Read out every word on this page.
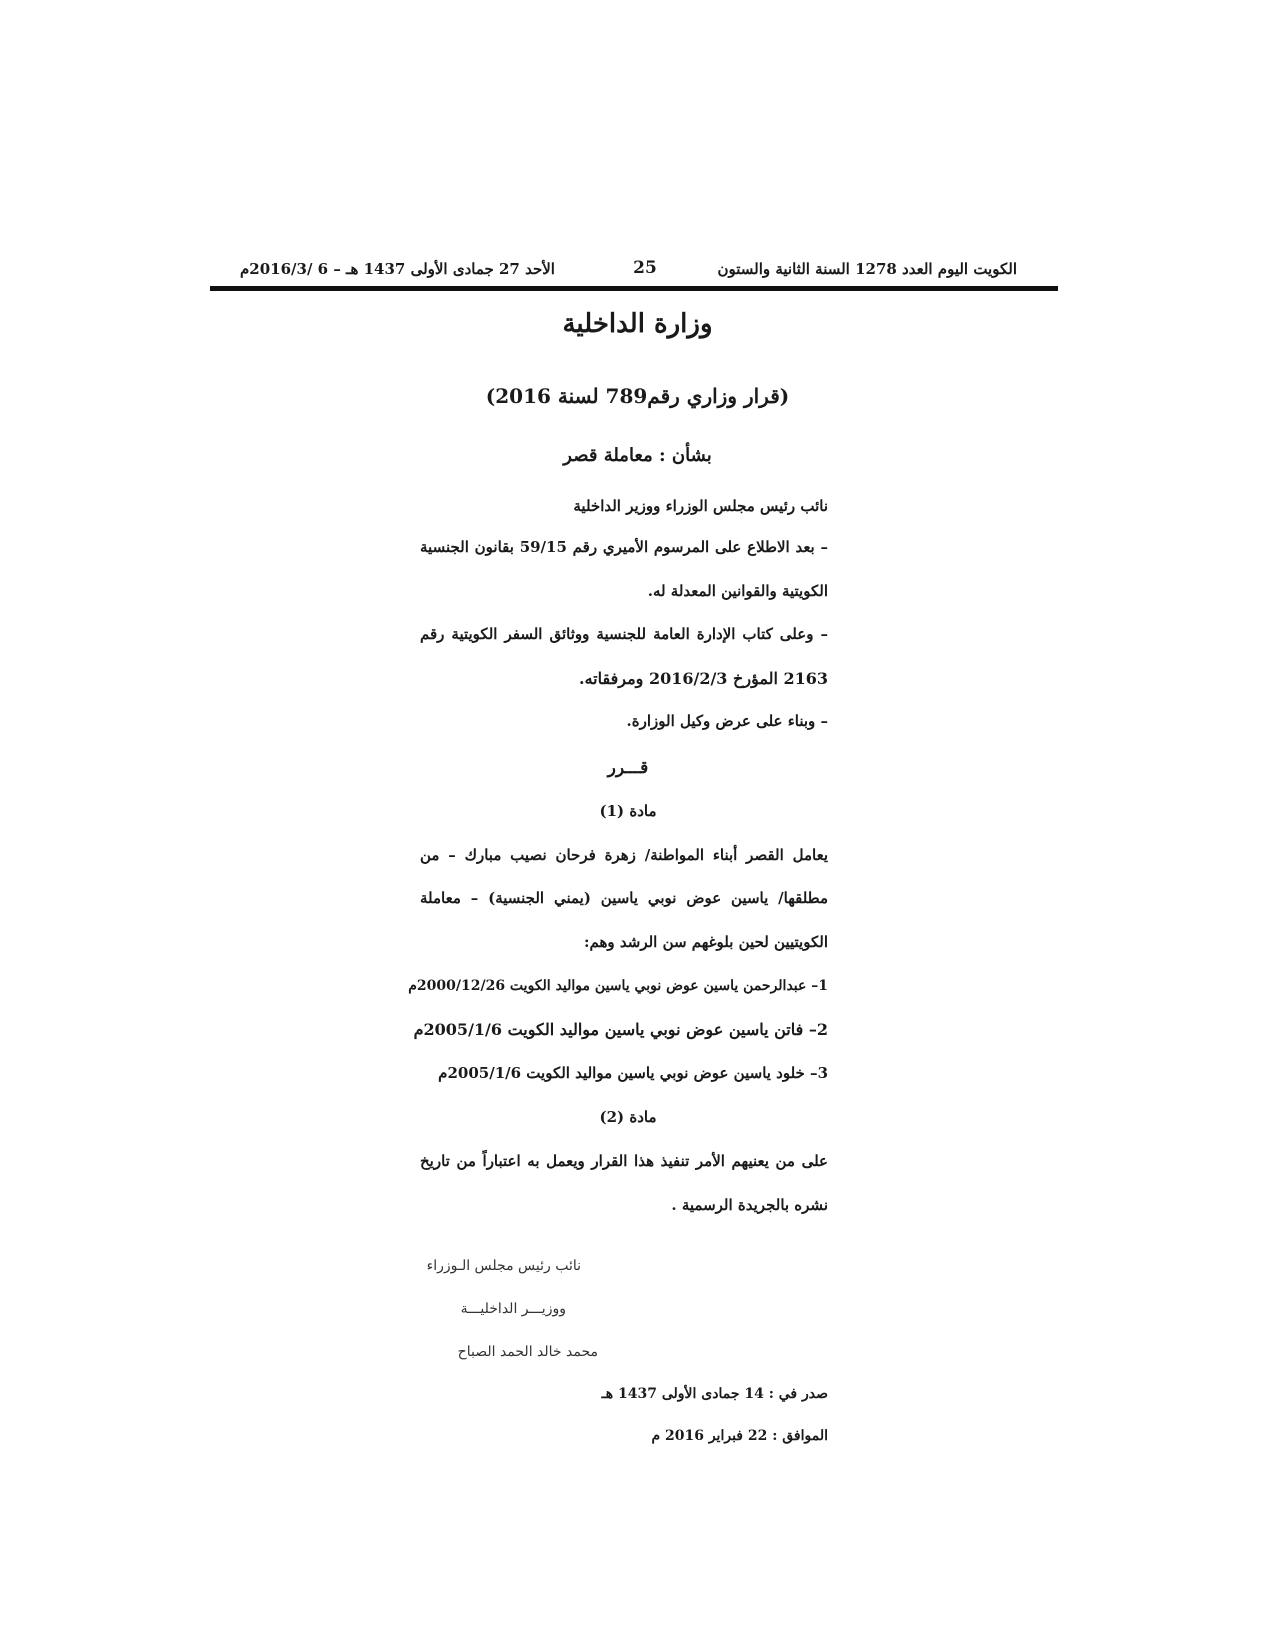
الكويت اليوم العدد 1278 السنة الثانية والستون
25
الأحد 27 جمادى الأولى 1437 هـ – 6 /2016/3م
وزارة الداخلية
(قرار وزاري رقم789 لسنة 2016)
بشأن : معاملة قصر
نائب رئيس مجلس الوزراء ووزير الداخلية
– بعد الاطلاع على المرسوم الأميري رقم 59/15 بقانون الجنسية
الكويتية والقوانين المعدلة له.
– وعلى كتاب الإدارة العامة للجنسية ووثائق السفر الكويتية رقم
2163 المؤرخ 2016/2/3 ومرفقاته.
– وبناء على عرض وكيل الوزارة.
قـــرر
مادة (1)
يعامل القصر أبناء المواطنة/ زهرة فرحان نصيب مبارك – من
مطلقها/ ياسين عوض نوبي ياسين (يمني الجنسية) – معاملة
الكويتيين لحين بلوغهم سن الرشد وهم:
1– عبدالرحمن ياسين عوض نوبي ياسين مواليد الكويت 2000/12/26م
2– فاتن ياسين عوض نوبي ياسين مواليد الكويت 2005/1/6م
3– خلود ياسين عوض نوبي ياسين مواليد الكويت 2005/1/6م
مادة (2)
على من يعنيهم الأمر تنفيذ هذا القرار ويعمل به اعتباراً من تاريخ
نشره بالجريدة الرسمية .
نائب رئيس مجلس الـوزراء
ووزيـــر الداخليـــة
محمد خالد الحمد الصباح
صدر في : 14 جمادى الأولى 1437 هـ
الموافق : 22 فبراير 2016 م
